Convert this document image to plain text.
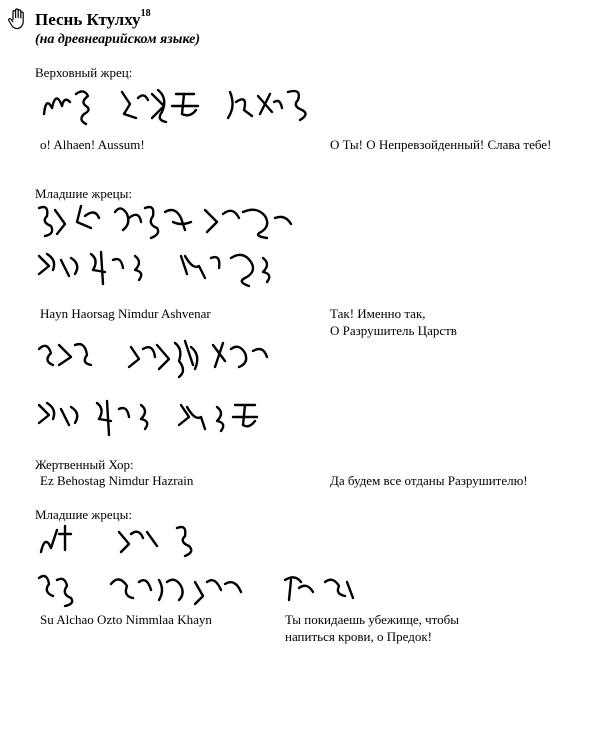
Песнь Ктулху$^{18}$
(на древнеарийском языке)
Верховный жрец:
o! Alhaen! Aussum!	О Ты! О Непревзойденный! Слава тебе!
Младшие жрецы:
Hayn Haorsag Nimdur Ashvenar	Так! Именно так,
О Разрушитель Царств
Жертвенный Хор:
Ez Behostag Nimdur Hazrain	Да будем все отданы Разрушителю!
Младшие жрецы:
Su Alchao Ozto Nimmlaa Khayn	Ты покидаешь убежище, чтобы
напиться крови, о Предок!
